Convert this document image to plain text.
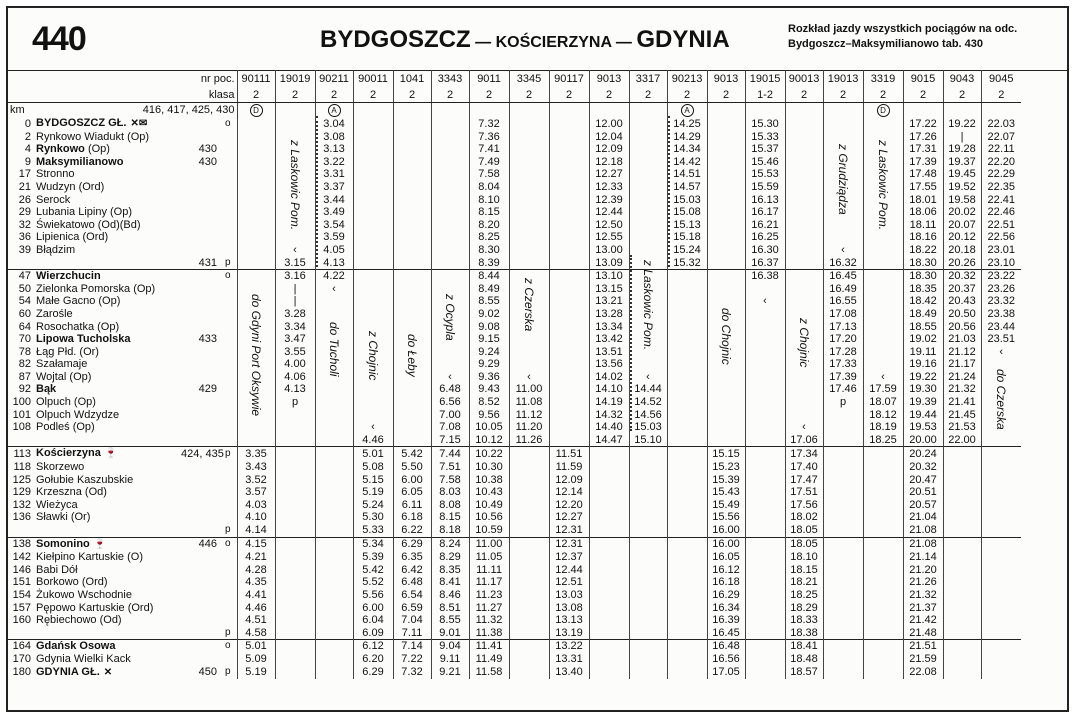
440	BYDGOSZCZ — KOŚCIERZYNA — GDYNIA	Rozkład jazdy wszystkich pociągów na odc.
Bydgoszcz–Maksymilianowo tab. 430
nr poc.				90111	19019	90211	90011	1041	3343	9011	3345	90117	9013	3317	90213	9013	19015	90013	19013	3319	9015	9043	9045
klasa				2	2	2	2	2	2	2	2	2	2	2	2	2	1-2	2	2	2	2	2	2
km	416, 417, 425, 430			D		A									A					D			
0	BYDGOSZCZ GŁ. ✕✉		o			3.04				7.32			12.00		14.25		15.30				17.22	19.22	22.03
2	Rynkowo Wiadukt (Op)					3.08				7.36			12.04		14.29		15.33				17.26	|	22.07
4	Rynkowo (Op)	430				3.13				7.41			12.09		14.34		15.37				17.31	19.28	22.11
9	Maksymilianowo	430				3.22				7.49			12.18		14.42		15.46				17.39	19.37	22.20
17	Stronno					3.31				7.58			12.27		14.51		15.53				17.48	19.45	22.29
21	Wudzyn (Ord)					3.37				8.04			12.33		14.57		15.59				17.55	19.52	22.35
26	Serock					3.44				8.10			12.39		15.03		16.13				18.01	19.58	22.41
29	Lubania Lipiny (Op)					3.49				8.15			12.44		15.08		16.17				18.06	20.02	22.46
32	Świekatowo (Od)(Bd)					3.54				8.20			12.50		15.13		16.21				18.11	20.07	22.51
36	Lipienica (Ord)					3.59				8.25			12.55		15.18		16.25				18.16	20.12	22.56
39	Błądzim				‹	4.05				8.30			13.00		15.24		16.30		‹		18.22	20.18	23.01
		431	p		3.15	4.13				8.39			13.09		15.32		16.37		16.32		18.30	20.26	23.10
47	Wierzchucin		o		3.16	4.22				8.44			13.10				16.38		16.45		18.30	20.32	23.22
50	Zielonka Pomorska (Op)				|	‹				8.49			13.15						16.49		18.35	20.37	23.26
54	Małe Gacno (Op)				|					8.55			13.21				‹		16.55		18.42	20.43	23.32
60	Zarośle				3.28					9.02			13.28						17.08		18.49	20.50	23.38
64	Rosochatka (Op)				3.34					9.08			13.34						17.13		18.55	20.56	23.44
70	Lipowa Tucholska	433			3.47					9.15			13.42						17.20		19.02	21.03	23.51
78	Łąg Płd. (Or)				3.55					9.24			13.51						17.28		19.11	21.12	‹
82	Szałamaje				4.00					9.29			13.56						17.33		19.16	21.17	
87	Wojtal (Op)				4.06				‹	9.36	‹		14.02	‹					17.39	‹	19.22	21.24	
92	Bąk	429			4.13				6.48	9.43	11.00		14.10	14.44					17.46	17.59	19.30	21.32	
100	Olpuch (Op)				p				6.56	8.52	11.08		14.19	14.52					p	18.07	19.39	21.41	
101	Olpuch Wdzydze								7.00	9.56	11.12		14.32	14.56						18.12	19.44	21.45	
108	Podleś (Op)						‹		7.08	10.05	11.20		14.40	15.03				‹		18.19	19.53	21.53	
							4.46		7.15	10.12	11.26		14.47	15.10				17.06		18.25	20.00	22.00	
113	Kościerzyna 🍷	424, 435	p	3.35			5.01	5.42	7.44	10.22		11.51				15.15		17.34			20.24		
118	Skorzewo			3.43			5.08	5.50	7.51	10.30		11.59				15.23		17.40			20.32		
125	Gołubie Kaszubskie			3.52			5.15	6.00	7.58	10.38		12.09				15.39		17.47			20.47		
129	Krzeszna (Od)			3.57			5.19	6.05	8.03	10.43		12.14				15.43		17.51			20.51		
132	Wieżyca			4.03			5.24	6.11	8.08	10.49		12.20				15.49		17.56			20.57		
136	Sławki (Or)			4.10			5.30	6.18	8.15	10.56		12.27				15.56		18.02			21.04		
			p	4.14			5.33	6.22	8.18	10.59		12.31				16.00		18.05			21.08		
138	Somonino 🍷	446	o	4.15			5.34	6.29	8.24	11.00		12.31				16.00		18.05			21.08		
142	Kiełpino Kartuskie (O)			4.21			5.39	6.35	8.29	11.05		12.37				16.05		18.10			21.14		
146	Babi Dół			4.28			5.42	6.42	8.35	11.11		12.44				16.12		18.15			21.20		
151	Borkowo (Ord)			4.35			5.52	6.48	8.41	11.17		12.51				16.18		18.21			21.26		
154	Żukowo Wschodnie			4.41			5.56	6.54	8.46	11.23		13.03				16.29		18.25			21.32		
157	Pępowo Kartuskie (Ord)			4.46			6.00	6.59	8.51	11.27		13.08				16.34		18.29			21.37		
160	Rębiechowo (Od)			4.51			6.04	7.04	8.55	11.32		13.13				16.39		18.33			21.42		
			p	4.58			6.09	7.11	9.01	11.38		13.19				16.45		18.38			21.48		
164	Gdańsk Osowa		o	5.01			6.12	7.14	9.04	11.41		13.22				16.48		18.41			21.51		
170	Gdynia Wielki Kack			5.09			6.20	7.22	9.11	11.49		13.31				16.56		18.48			21.59		
180	GDYNIA GŁ. ✕	450	p	5.19			6.29	7.32	9.21	11.58		13.40				17.05		18.57			22.08		
z Laskowic Pom.
do Gdyni Port Oksywie	do Tucholi z Chojnic do Łeby
z Ocypla	z Czerska	z Laskowic Pom.	do Chojnic	z Chojnic
z Grudziądza z Laskowic Pom.
do Czerska
